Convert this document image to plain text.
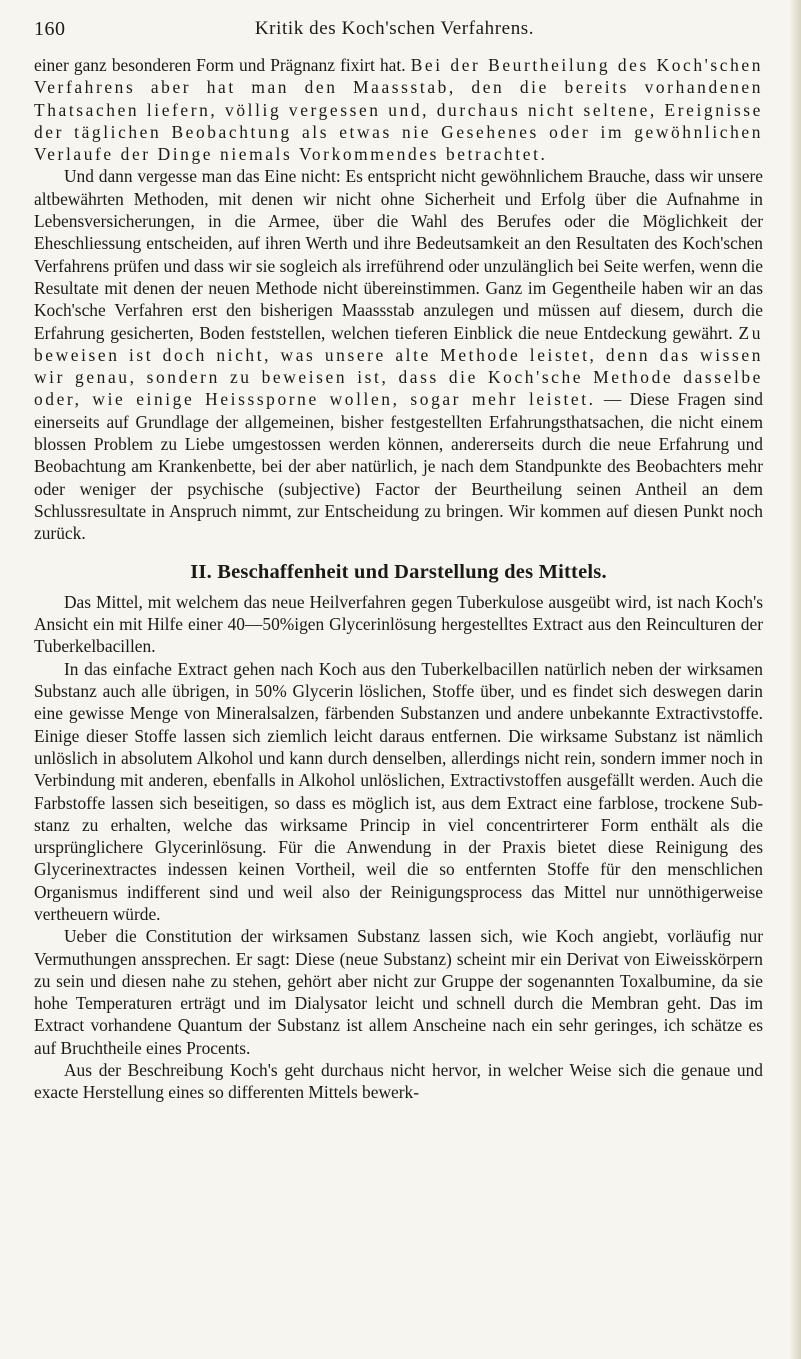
160	Kritik des Koch'schen Verfahrens.

einer ganz besonderen Form und Prägnanz fixirt hat. Bei der Beurtheilung des Koch'schen Verfahrens aber hat man den Maassstab, den die bereits vorhandenen Thatsachen liefern, völlig vergessen und, durchaus nicht seltene, Ereignisse der täglichen Beobachtung als etwas nie Gesehenes oder im gewöhnlichen Verlaufe der Dinge niemals Vorkommendes betrachtet.

Und dann vergesse man das Eine nicht: Es entspricht nicht gewöhnlichem Brauche, dass wir unsere altbewährten Methoden, mit denen wir nicht ohne Sicherheit und Erfolg über die Aufnahme in Lebensversicherungen, in die Armee, über die Wahl des Berufes oder die Möglichkeit der Eheschliessung entscheiden, auf ihren Werth und ihre Bedeutsamkeit an den Resultaten des Koch'schen Verfahrens prüfen und dass wir sie sogleich als irreführend oder unzulänglich bei Seite werfen, wenn die Resultate mit denen der neuen Methode nicht übereinstimmen. Ganz im Gegentheile haben wir an das Koch'sche Verfahren erst den bisherigen Maassstab anzulegen und müssen auf diesem, durch die Erfahrung gesicherten, Boden feststellen, welchen tieferen Einblick die neue Entdeckung gewährt. Zu beweisen ist doch nicht, was unsere alte Methode leistet, denn das wissen wir genau, sondern zu beweisen ist, dass die Koch'sche Methode dasselbe oder, wie einige Heisssporne wollen, sogar mehr leistet. — Diese Fragen sind einerseits auf Grundlage der allgemeinen, bisher festgestellten Erfahrungsthatsachen, die nicht einem blossen Problem zu Liebe umgestossen werden können, andererseits durch die neue Erfahrung und Beobachtung am Krankenbette, bei der aber natürlich, je nach dem Standpunkte des Beobachters mehr oder weniger der psychische (subjective) Factor der Beurtheilung seinen Antheil an dem Schlussresultate in Anspruch nimmt, zur Entscheidung zu bringen. Wir kommen auf diesen Punkt noch zurück.

II. Beschaffenheit und Darstellung des Mittels.

Das Mittel, mit welchem das neue Heilverfahren gegen Tuberkulose ausgeübt wird, ist nach Koch's Ansicht ein mit Hilfe einer 40—50%igen Glycerinlösung hergestelltes Extract aus den Reinculturen der Tuberkelbacillen.

In das einfache Extract gehen nach Koch aus den Tuberkelbacillen natürlich neben der wirksamen Substanz auch alle übrigen, in 50% Glycerin löslichen, Stoffe über, und es findet sich deswegen darin eine gewisse Menge von Mineralsalzen, färbenden Substanzen und andere unbekannte Extractivstoffe. Einige dieser Stoffe lassen sich ziemlich leicht daraus entfernen. Die wirksame Substanz ist nämlich unlöslich in absolutem Alkohol und kann durch denselben, allerdings nicht rein, sondern immer noch in Verbindung mit anderen, ebenfalls in Alkohol unlöslichen, Extractivstoffen ausgefällt werden. Auch die Farbstoffe lassen sich beseitigen, so dass es möglich ist, aus dem Extract eine farblose, trockene Substanz zu erhalten, welche das wirksame Princip in viel concentrirterer Form enthält als die ursprünglichere Glycerinlösung. Für die Anwendung in der Praxis bietet diese Reinigung des Glycerinextractes indessen keinen Vortheil, weil die so entfernten Stoffe für den menschlichen Organismus indifferent sind und weil also der Reinigungsprocess das Mittel nur unnöthigerweise vertheuern würde.

Ueber die Constitution der wirksamen Substanz lassen sich, wie Koch angiebt, vorläufig nur Vermuthungen anssprechen. Er sagt: Diese (neue Substanz) scheint mir ein Derivat von Eiweisskörpern zu sein und diesen nahe zu stehen, gehört aber nicht zur Gruppe der sogenannten Toxalbumine, da sie hohe Temperaturen erträgt und im Dialysator leicht und schnell durch die Membran geht. Das im Extract vorhandene Quantum der Substanz ist allem Anscheine nach ein sehr geringes, ich schätze es auf Bruchtheile eines Procents.

Aus der Beschreibung Koch's geht durchaus nicht hervor, in welcher Weise sich die genaue und exacte Herstellung eines so differenten Mittels bewerk-
